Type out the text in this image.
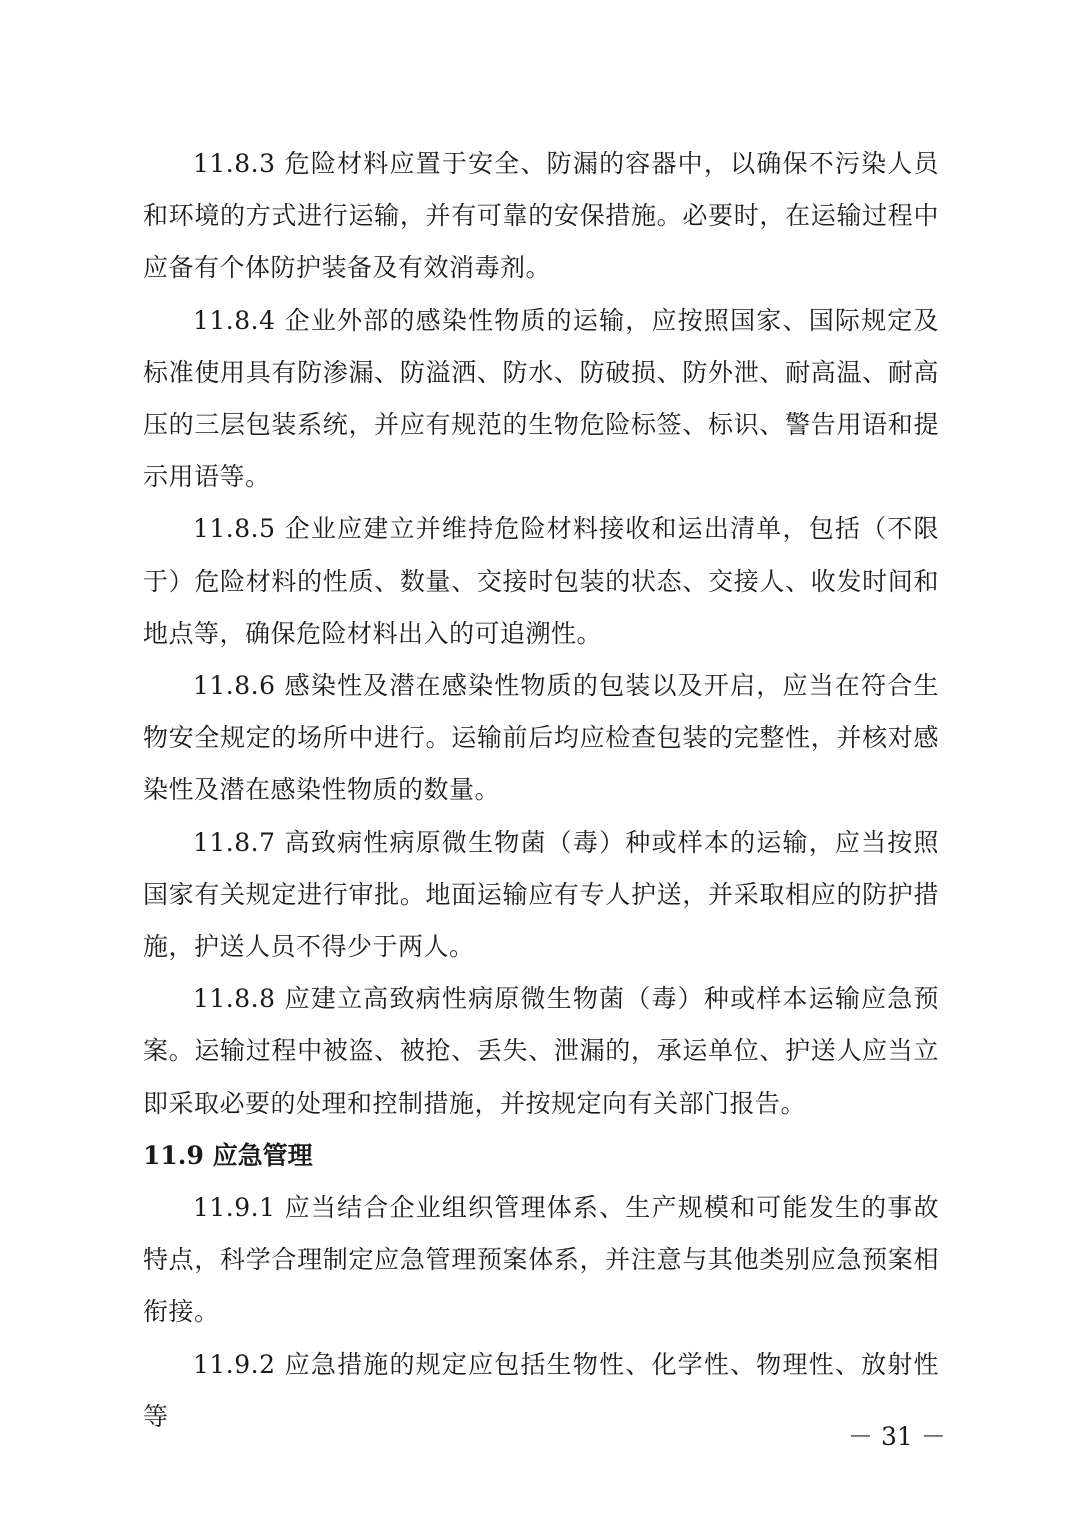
11.8.3 危险材料应置于安全、防漏的容器中，以确保不污染人员和环境的方式进行运输，并有可靠的安保措施。必要时，在运输过程中应备有个体防护装备及有效消毒剂。

11.8.4 企业外部的感染性物质的运输，应按照国家、国际规定及标准使用具有防渗漏、防溢洒、防水、防破损、防外泄、耐高温、耐高压的三层包装系统，并应有规范的生物危险标签、标识、警告用语和提示用语等。

11.8.5 企业应建立并维持危险材料接收和运出清单，包括（不限于）危险材料的性质、数量、交接时包装的状态、交接人、收发时间和地点等，确保危险材料出入的可追溯性。

11.8.6 感染性及潜在感染性物质的包装以及开启，应当在符合生物安全规定的场所中进行。运输前后均应检查包装的完整性，并核对感染性及潜在感染性物质的数量。

11.8.7 高致病性病原微生物菌（毒）种或样本的运输，应当按照国家有关规定进行审批。地面运输应有专人护送，并采取相应的防护措施，护送人员不得少于两人。

11.8.8 应建立高致病性病原微生物菌（毒）种或样本运输应急预案。运输过程中被盗、被抢、丢失、泄漏的，承运单位、护送人应当立即采取必要的处理和控制措施，并按规定向有关部门报告。

11.9 应急管理

11.9.1 应当结合企业组织管理体系、生产规模和可能发生的事故特点，科学合理制定应急管理预案体系，并注意与其他类别应急预案相衔接。

11.9.2 应急措施的规定应包括生物性、化学性、物理性、放射性等

－ 31 －
